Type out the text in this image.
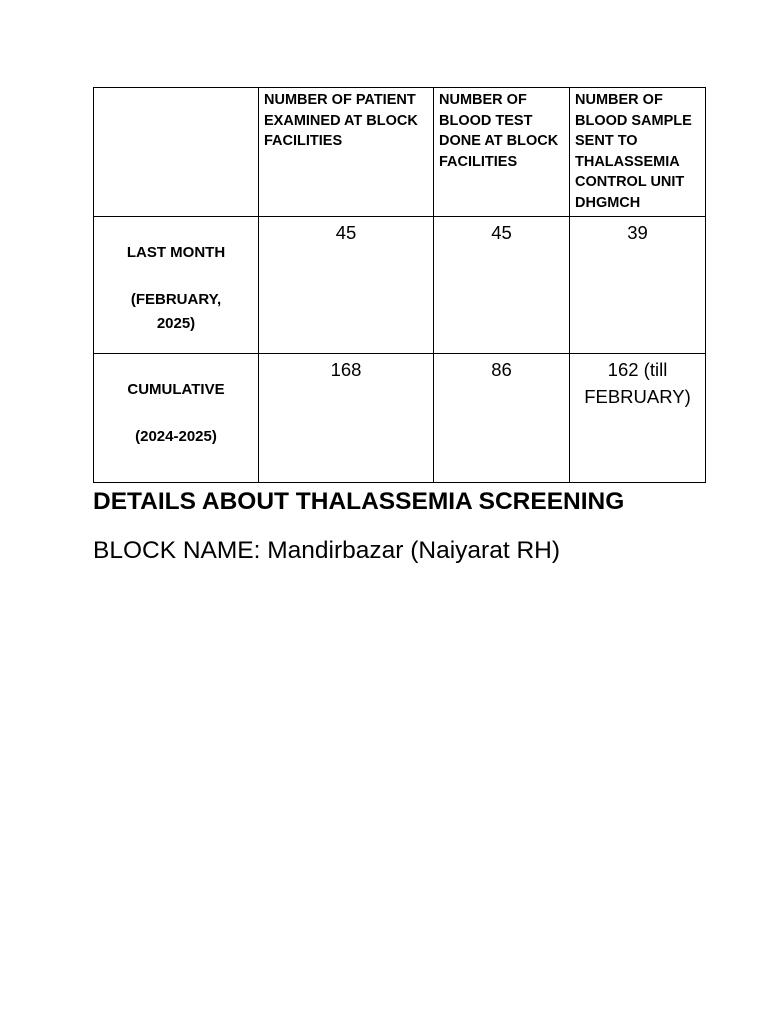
	NUMBER OF PATIENT EXAMINED AT BLOCK FACILITIES	NUMBER OF BLOOD TEST DONE AT BLOCK FACILITIES	NUMBER OF BLOOD SAMPLE SENT TO THALASSEMIA CONTROL UNIT DHGMCH

LAST MONTH
(FEBRUARY, 2025)	45	45	39

CUMULATIVE
(2024-2025)	168	86	162 (till FEBRUARY)
DETAILS ABOUT THALASSEMIA SCREENING
BLOCK NAME: Mandirbazar (Naiyarat RH)
